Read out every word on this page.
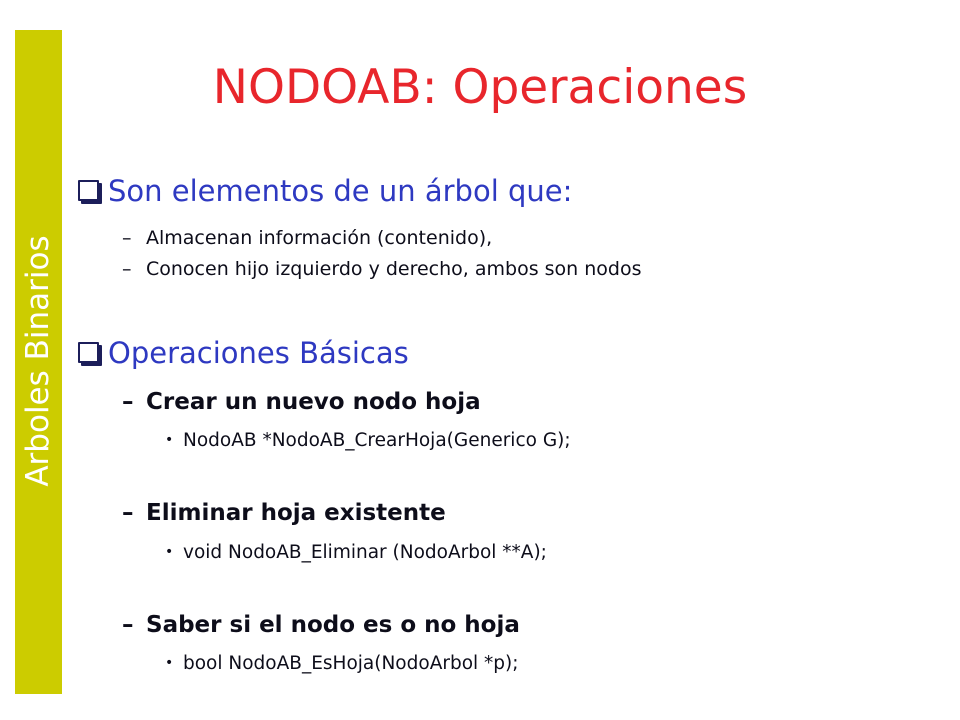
Arboles Binarios
NODOAB: Operaciones
Son elementos de un árbol que:
– Almacenan información (contenido),
– Conocen hijo izquierdo y derecho, ambos son nodos
Operaciones Básicas
– Crear un nuevo nodo hoja
• NodoAB *NodoAB_CrearHoja(Generico G);
– Eliminar hoja existente
• void NodoAB_Eliminar (NodoArbol **A);
– Saber si el nodo es o no hoja
• bool NodoAB_EsHoja(NodoArbol *p);
